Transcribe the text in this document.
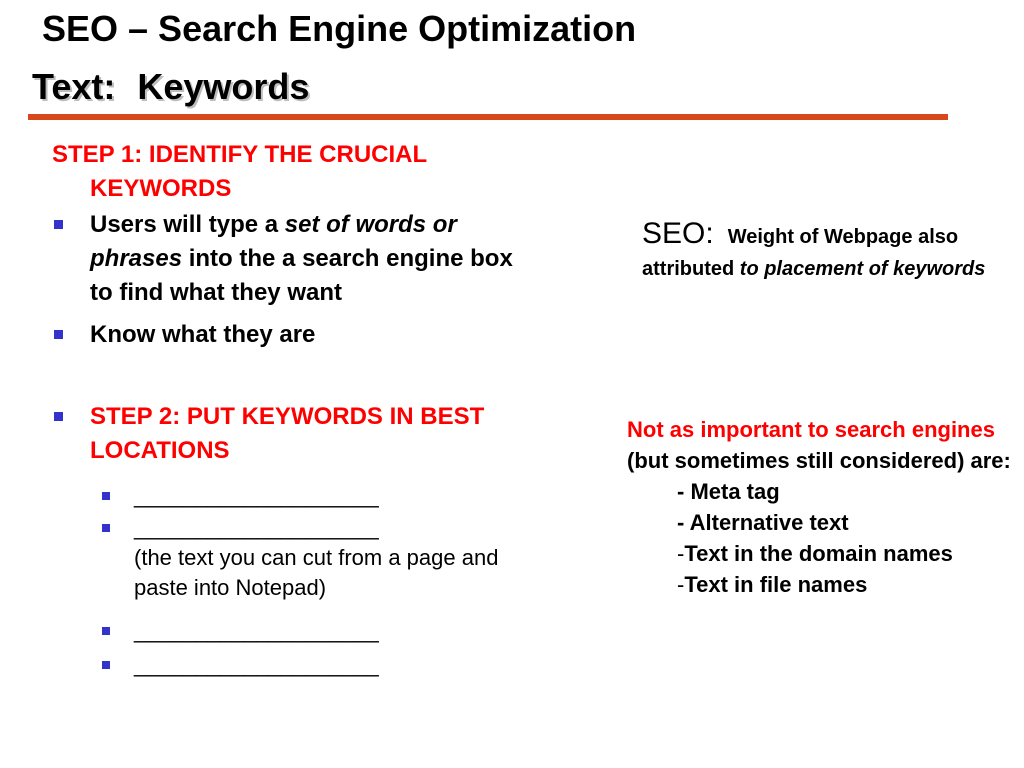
SEO – Search Engine Optimization
Text: Keywords
STEP 1: IDENTIFY THE CRUCIAL
KEYWORDS
Users will type a set of words or phrases into the a search engine box to find what they want
Know what they are
STEP 2: PUT KEYWORDS IN BEST LOCATIONS
____________________
____________________
(the text you can cut from a page and paste into Notepad)
____________________
____________________
SEO: Weight of Webpage also attributed to placement of keywords
Not as important to search engines (but sometimes still considered) are:
- Meta tag
- Alternative text
-Text in the domain names
-Text in file names
